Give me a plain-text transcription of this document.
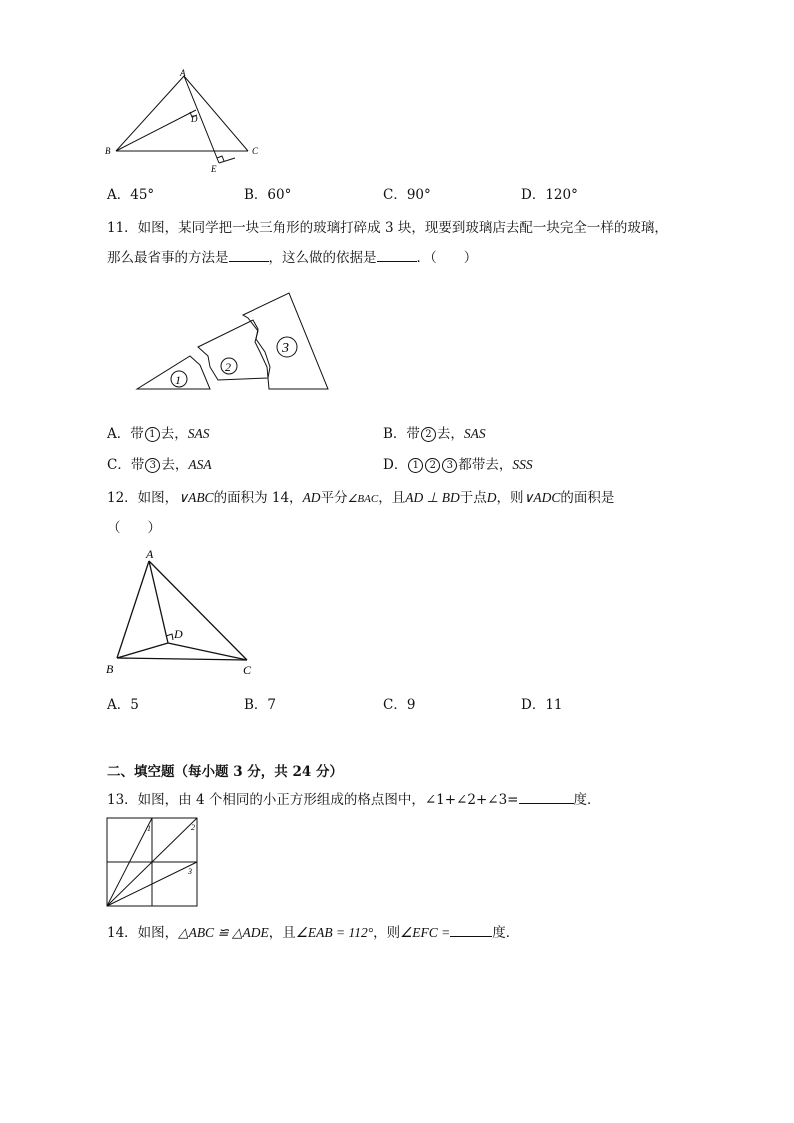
A
B	C
D
E
A．45°	B．60°	C．90°	D．120°
11．如图，某同学把一块三角形的玻璃打碎成 3 块，现要到玻璃店去配一块完全一样的玻璃，
那么最省事的方法是	，这么做的依据是	．（　　）
1
2
3
A．带 1 去，SAS	B．带 2 去，SAS
C．带 3 去，ASA	D． 1 2 3 都带去，SSS
12．如图，∨ABC的面积为 14，AD平分∠BAC，且AD ⊥ BD于点D，则∨ADC的面积是
（　　）
A
B	C
D
A．5	B．7	C．9	D．11
二、填空题（每小题 3 分，共 24 分）
13．如图，由 4 个相同的小正方形组成的格点图中，∠1+∠2+∠3=	度．
1	2
3
14．如图，△ABC ≌ △ADE，且∠EAB = 112°，则∠EFC =	度．
